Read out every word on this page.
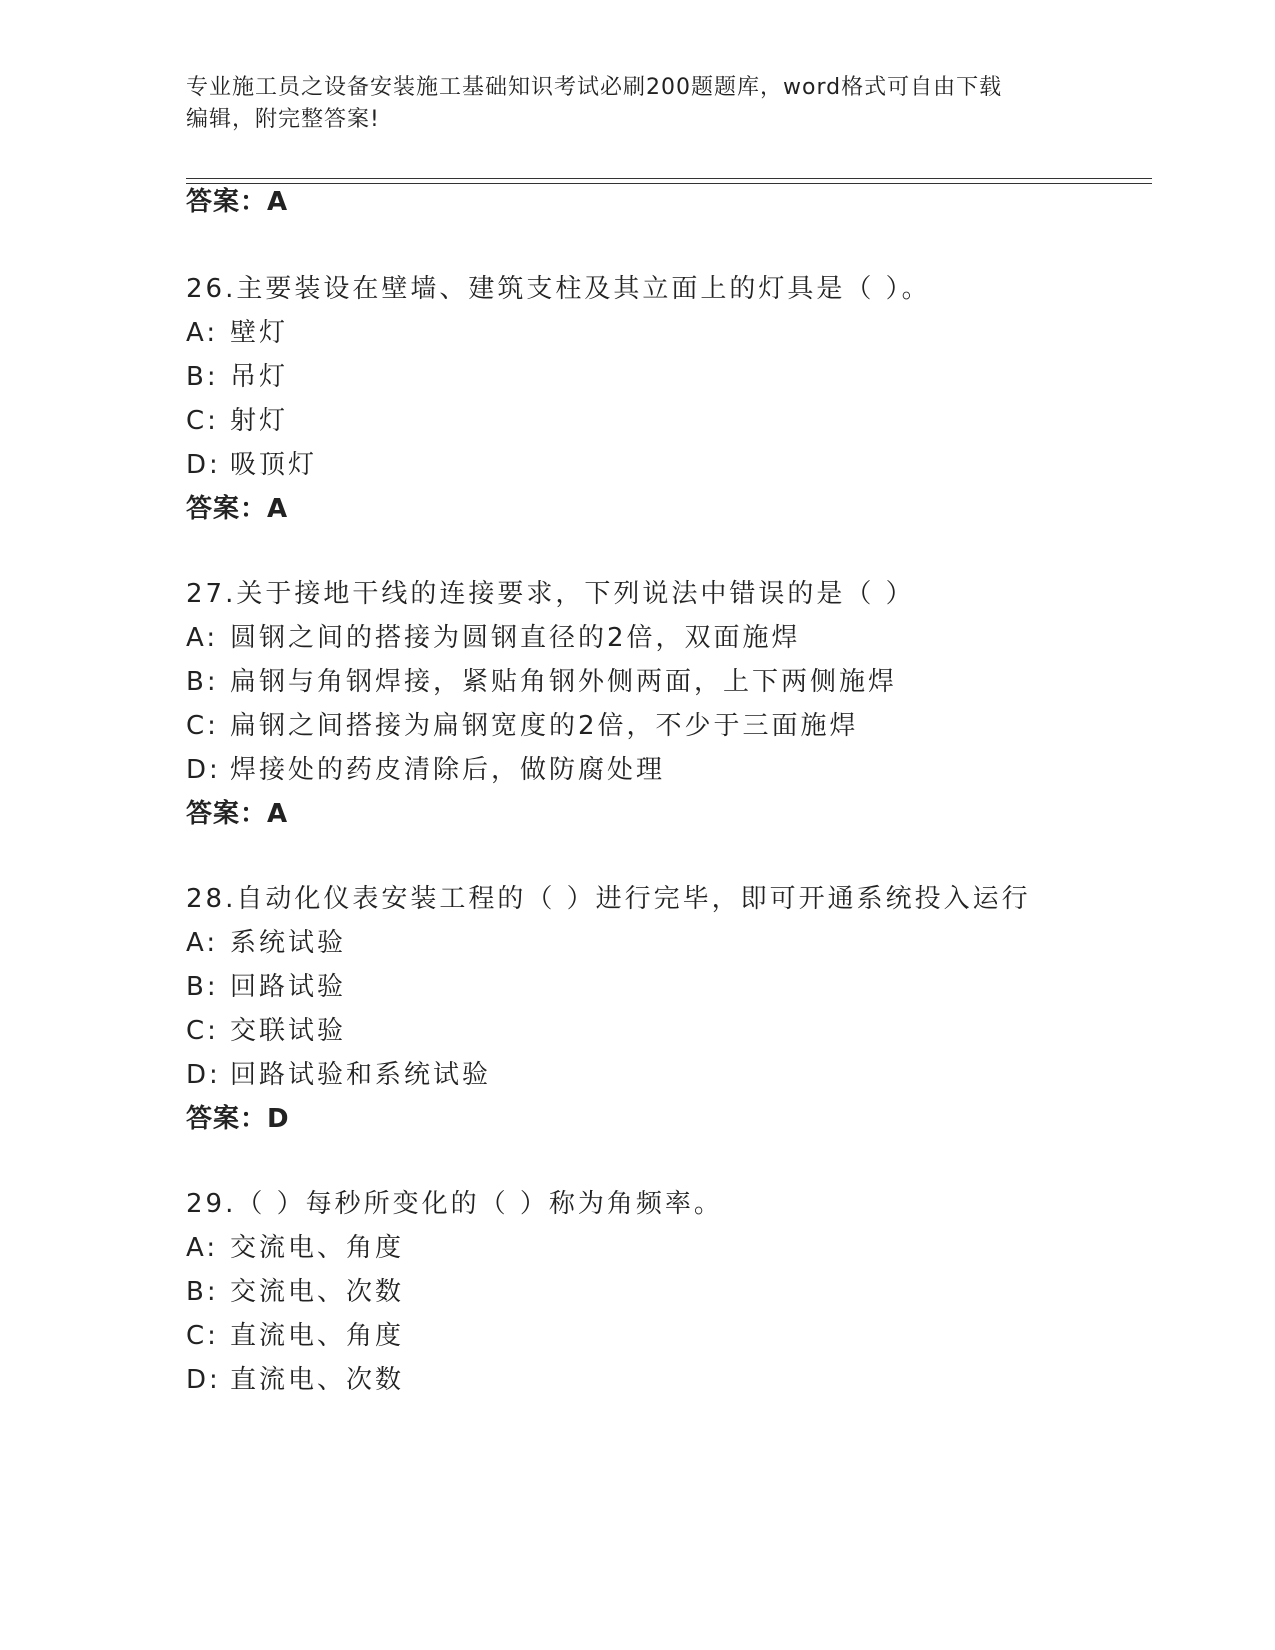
专业施工员之设备安装施工基础知识考试必刷200题题库，word格式可自由下载
编辑，附完整答案!
答案：A
26.主要装设在壁墙、建筑支柱及其立面上的灯具是（ ）。
A: 壁灯
B: 吊灯
C: 射灯
D: 吸顶灯
答案：A
27.关于接地干线的连接要求，下列说法中错误的是（ ）
A: 圆钢之间的搭接为圆钢直径的2倍，双面施焊
B: 扁钢与角钢焊接，紧贴角钢外侧两面，上下两侧施焊
C: 扁钢之间搭接为扁钢宽度的2倍，不少于三面施焊
D: 焊接处的药皮清除后，做防腐处理
答案：A
28.自动化仪表安装工程的（ ）进行完毕，即可开通系统投入运行
A: 系统试验
B: 回路试验
C: 交联试验
D: 回路试验和系统试验
答案：D
29.（ ）每秒所变化的（ ）称为角频率。
A: 交流电、角度
B: 交流电、次数
C: 直流电、角度
D: 直流电、次数
